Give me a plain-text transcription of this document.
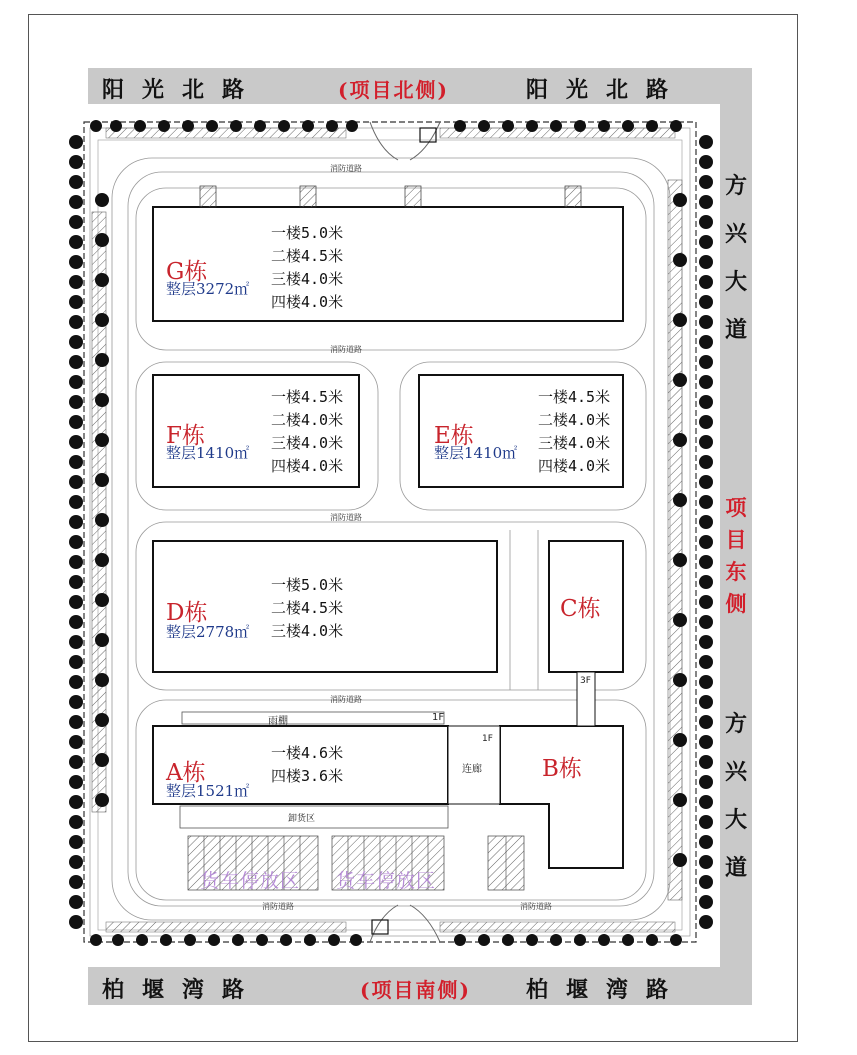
阳光北路	(项目北侧)	阳光北路
柏堰湾路	(项目南侧)	柏堰湾路
方
兴
大
道
项
目
东
侧
方
兴
大
道
G栋
整层3272㎡
一楼5.0米
二楼4.5米
三楼4.0米
四楼4.0米
F栋
整层1410㎡
一楼4.5米
二楼4.0米
三楼4.0米
四楼4.0米
E栋
整层1410㎡
一楼4.5米
二楼4.0米
三楼4.0米
四楼4.0米
D栋
整层2778㎡
一楼5.0米
二楼4.5米
三楼4.0米
C栋
A栋
整层1521㎡
一楼4.6米
四楼3.6米	B栋
消防道路
消防道路
消防道路
消防道路
消防道路	消防道路
雨棚	1F
卸货区
连廊
1F
3F
货车停放区 货车停放区
